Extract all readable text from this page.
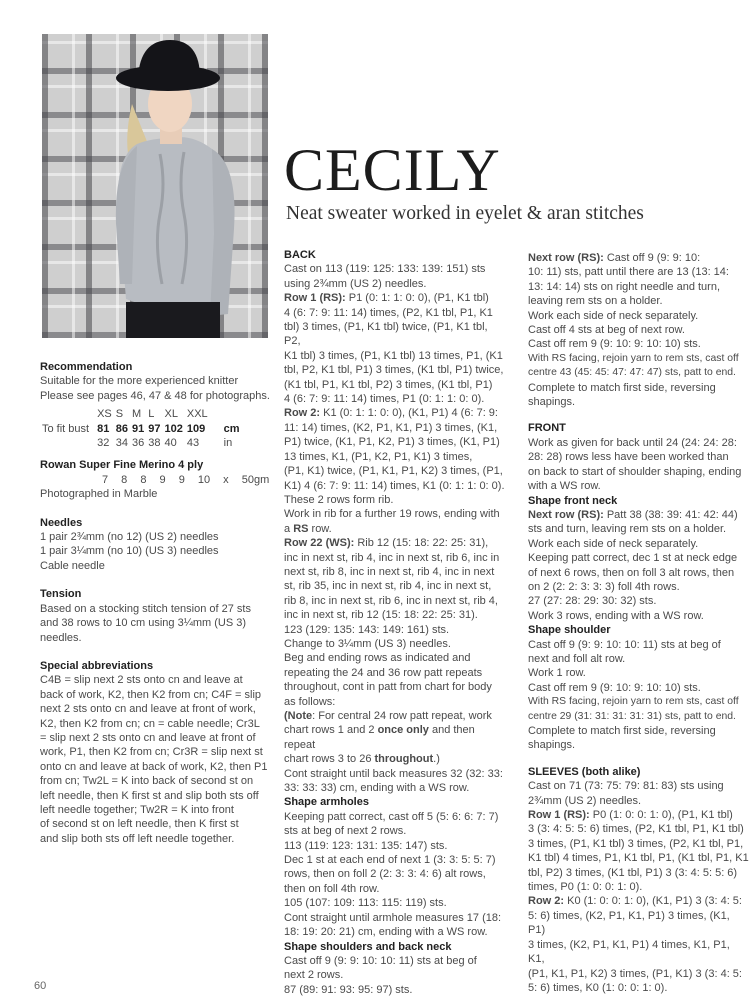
CECILY
Neat sweater worked in eyelet & aran stitches

Recommendation

Suitable for the more experienced knitter

Please see pages 46, 47 & 48 for photographs.

	XS	S	M	L	XL	XXL	
To fit bust	81	86	91	97	102	109	cm
	32	34	36	38	40	43	in

Rowan Super Fine Merino 4 ply

7 8 8 9 9 10 x 50gm

Photographed in Marble

Needles

1 pair 2¾mm (no 12) (US 2) needles

1 pair 3¼mm (no 10) (US 3) needles

Cable needle

Tension

Based on a stocking stitch tension of 27 sts

and 38 rows to 10 cm using 3¼mm (US 3)

needles.

Special abbreviations

C4B = slip next 2 sts onto cn and leave at

back of work, K2, then K2 from cn; C4F = slip

next 2 sts onto cn and leave at front of work,

K2, then K2 from cn; cn = cable needle; Cr3L

= slip next 2 sts onto cn and leave at front of

work, P1, then K2 from cn; Cr3R = slip next st

onto cn and leave at back of work, K2, then P1

from cn; Tw2L = K into back of second st on

left needle, then K first st and slip both sts off

left needle together; Tw2R = K into front

of second st on left needle, then K first st

and slip both sts off left needle together.

BACK

Cast on 113 (119: 125: 133: 139: 151) sts

using 2¾mm (US 2) needles.

Row 1 (RS): P1 (0: 1: 1: 0: 0), (P1, K1 tbl)

4 (6: 7: 9: 11: 14) times, (P2, K1 tbl, P1, K1

tbl) 3 times, (P1, K1 tbl) twice, (P1, K1 tbl, P2,

K1 tbl) 3 times, (P1, K1 tbl) 13 times, P1, (K1

tbl, P2, K1 tbl, P1) 3 times, (K1 tbl, P1) twice,

(K1 tbl, P1, K1 tbl, P2) 3 times, (K1 tbl, P1)

4 (6: 7: 9: 11: 14) times, P1 (0: 1: 1: 0: 0).

Row 2: K1 (0: 1: 1: 0: 0), (K1, P1) 4 (6: 7: 9:

11: 14) times, (K2, P1, K1, P1) 3 times, (K1,

P1) twice, (K1, P1, K2, P1) 3 times, (K1, P1)

13 times, K1, (P1, K2, P1, K1) 3 times,

(P1, K1) twice, (P1, K1, P1, K2) 3 times, (P1,

K1) 4 (6: 7: 9: 11: 14) times, K1 (0: 1: 1: 0: 0).

These 2 rows form rib.

Work in rib for a further 19 rows, ending with

a RS row.

Row 22 (WS): Rib 12 (15: 18: 22: 25: 31),

inc in next st, rib 4, inc in next st, rib 6, inc in

next st, rib 8, inc in next st, rib 4, inc in next

st, rib 35, inc in next st, rib 4, inc in next st,

rib 8, inc in next st, rib 6, inc in next st, rib 4,

inc in next st, rib 12 (15: 18: 22: 25: 31).

123 (129: 135: 143: 149: 161) sts.

Change to 3¼mm (US 3) needles.

Beg and ending rows as indicated and

repeating the 24 and 36 row patt repeats

throughout, cont in patt from chart for body

as follows:

(Note: For central 24 row patt repeat, work

chart rows 1 and 2 once only and then repeat

chart rows 3 to 26 throughout.)

Cont straight until back measures 32 (32: 33:

33: 33: 33) cm, ending with a WS row.

Shape armholes

Keeping patt correct, cast off 5 (5: 6: 6: 7: 7)

sts at beg of next 2 rows.

113 (119: 123: 131: 135: 147) sts.

Dec 1 st at each end of next 1 (3: 3: 5: 5: 7)

rows, then on foll 2 (2: 3: 3: 4: 6) alt rows,

then on foll 4th row.

105 (107: 109: 113: 115: 119) sts.

Cont straight until armhole measures 17 (18:

18: 19: 20: 21) cm, ending with a WS row.

Shape shoulders and back neck

Cast off 9 (9: 9: 10: 10: 11) sts at beg of

next 2 rows.

87 (89: 91: 93: 95: 97) sts.

Next row (RS): Cast off 9 (9: 9: 10:

10: 11) sts, patt until there are 13 (13: 14:

13: 14: 14) sts on right needle and turn,

leaving rem sts on a holder.

Work each side of neck separately.

Cast off 4 sts at beg of next row.

Cast off rem 9 (9: 10: 9: 10: 10) sts.

With RS facing, rejoin yarn to rem sts, cast off

centre 43 (45: 45: 47: 47: 47) sts, patt to end.

Complete to match first side, reversing

shapings.

FRONT

Work as given for back until 24 (24: 24: 28:

28: 28) rows less have been worked than

on back to start of shoulder shaping, ending

with a WS row.

Shape front neck

Next row (RS): Patt 38 (38: 39: 41: 42: 44)

sts and turn, leaving rem sts on a holder.

Work each side of neck separately.

Keeping patt correct, dec 1 st at neck edge

of next 6 rows, then on foll 3 alt rows, then

on 2 (2: 2: 3: 3: 3) foll 4th rows.

27 (27: 28: 29: 30: 32) sts.

Work 3 rows, ending with a WS row.

Shape shoulder

Cast off 9 (9: 9: 10: 10: 11) sts at beg of

next and foll alt row.

Work 1 row.

Cast off rem 9 (9: 10: 9: 10: 10) sts.

With RS facing, rejoin yarn to rem sts, cast off

centre 29 (31: 31: 31: 31: 31) sts, patt to end.

Complete to match first side, reversing

shapings.

SLEEVES (both alike)

Cast on 71 (73: 75: 79: 81: 83) sts using

2¾mm (US 2) needles.

Row 1 (RS): P0 (1: 0: 0: 1: 0), (P1, K1 tbl)

3 (3: 4: 5: 5: 6) times, (P2, K1 tbl, P1, K1 tbl)

3 times, (P1, K1 tbl) 3 times, (P2, K1 tbl, P1,

K1 tbl) 4 times, P1, K1 tbl, P1, (K1 tbl, P1, K1

tbl, P2) 3 times, (K1 tbl, P1) 3 (3: 4: 5: 5: 6)

times, P0 (1: 0: 0: 1: 0).

Row 2: K0 (1: 0: 0: 1: 0), (K1, P1) 3 (3: 4: 5:

5: 6) times, (K2, P1, K1, P1) 3 times, (K1, P1)

3 times, (K2, P1, K1, P1) 4 times, K1, P1, K1,

(P1, K1, P1, K2) 3 times, (P1, K1) 3 (3: 4: 5:

5: 6) times, K0 (1: 0: 0: 1: 0).

60
